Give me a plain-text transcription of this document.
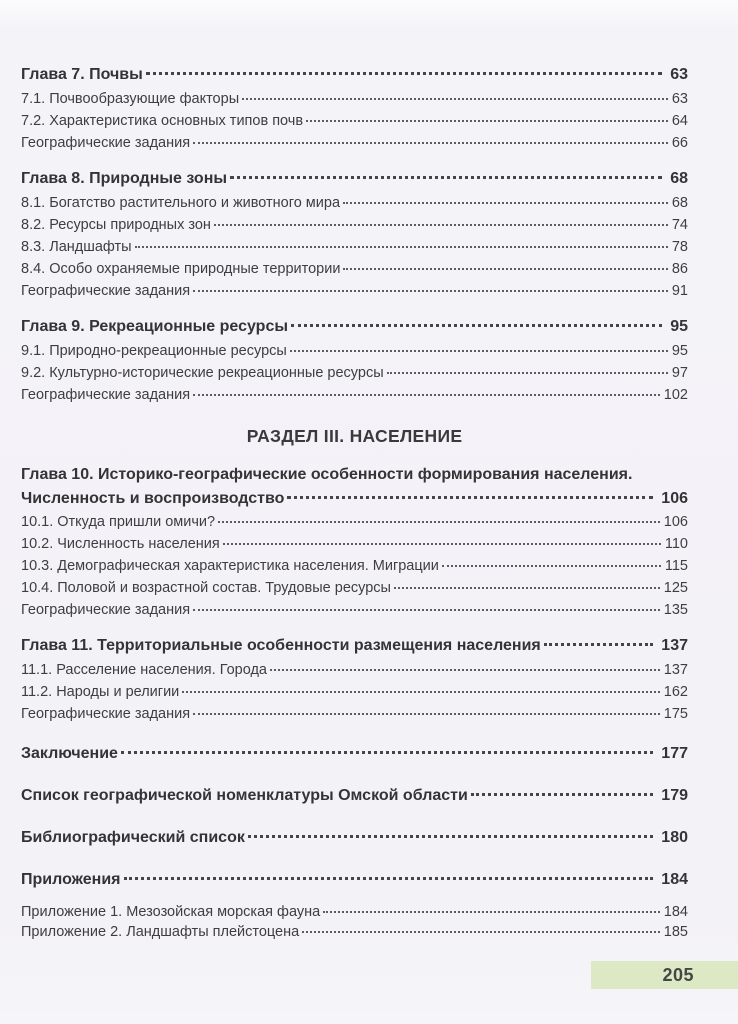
Глава 7. Почвы	63
7.1. Почвообразующие факторы	63
7.2. Характеристика основных типов почв	64
Географические задания	66
Глава 8. Природные зоны	68
8.1. Богатство растительного и животного мира	68
8.2. Ресурсы природных зон	74
8.3. Ландшафты	78
8.4. Особо охраняемые природные территории	86
Географические задания	91
Глава 9. Рекреационные ресурсы	95
9.1. Природно-рекреационные ресурсы	95
9.2. Культурно-исторические рекреационные ресурсы	97
Географические задания	102
РАЗДЕЛ III. НАСЕЛЕНИЕ
Глава 10. Историко-географические особенности формирования населения.
Численность и воспроизводство	106
10.1. Откуда пришли омичи?	106
10.2. Численность населения	110
10.3. Демографическая характеристика населения. Миграции	115
10.4. Половой и возрастной состав. Трудовые ресурсы	125
Географические задания	135
Глава 11. Территориальные особенности размещения населения	137
11.1. Расселение населения. Города	137
11.2. Народы и религии	162
Географические задания	175
Заключение	177
Список географической номенклатуры Омской области	179
Библиографический список	180
Приложения	184
Приложение 1. Мезозойская морская фауна	184
Приложение 2. Ландшафты плейстоцена	185
205
